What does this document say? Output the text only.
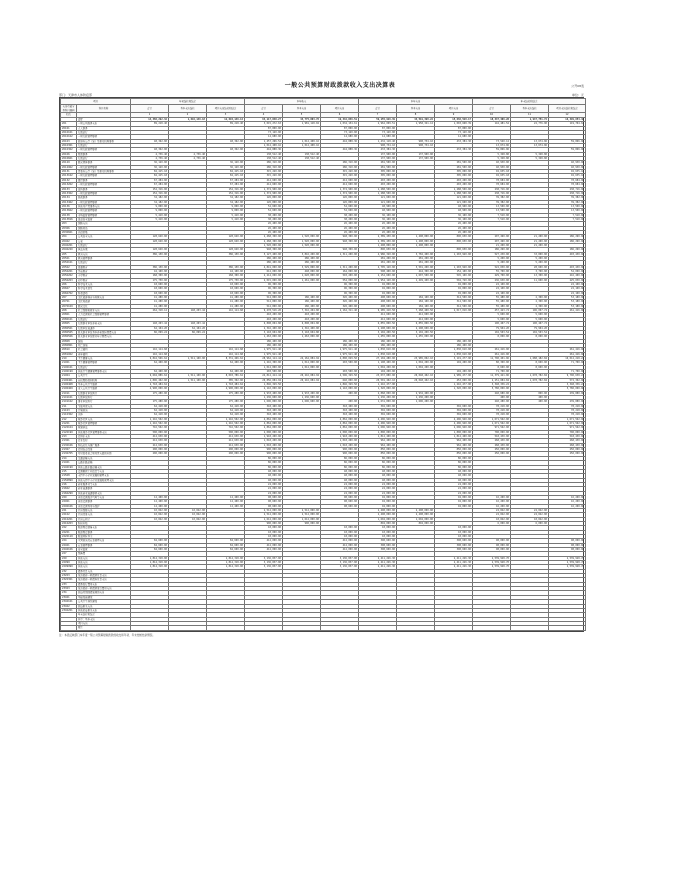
一般公共预算财政拨款收入支出决算表	公开08表
部门：天津市人体防疫部	单位：元
项目		年初结转和结余			本年收入			本年支出			年末结转和结余		
支出功能分类科目编码	科目名称	合计	基本支出结转	项目支出结转和结余	合计	基本支出	项目支出	合计	基本支出	项目支出	合计	基本支出结转	项目支出结转和结余
栏次		1	2	3	4	5	6	7	8	9	10	11	12
	合计	14,386,292.32	1,692,146.18	12,694,146.14	63,117,040.27	43,775,003.76	19,342,036.51	59,155,926.39	43,519,398.22	15,636,528.17	18,347,406.20	1,947,751.72	16,399,654.48
201	一般公共服务支出	89,218.40		89,218.40	3,015,272.63	1,981,118.02	1,034,154.61	2,962,009.51	1,958,341.12	1,003,668.39	142,481.52	22,776.90	119,704.62
20101	人大事务				87,800.00		87,800.00	87,800.00		87,800.00			
2010101	行政运行				73,120.00		73,120.00	73,120.00		73,120.00			
2010102	一般行政管理事务				14,680.00		14,680.00	14,680.00		14,680.00			
20103	政府办公厅（室）及相关机构事务	48,362.00		48,362.00	1,457,296.52	1,012,408.16	444,888.36	1,432,118.40	998,734.10	433,384.30	73,540.12	13,674.06	59,866.06
2010301	行政运行				1,012,408.16	1,012,408.16		998,734.10	998,734.10		13,674.06	13,674.06	
2010302	一般行政管理事务	48,362.00		48,362.00	444,888.36		444,888.36	433,384.30		433,384.30	59,866.06		59,866.06
20106	财政事务	4,736.40	4,736.40		138,512.40	138,512.40		137,900.00	137,900.00		5,348.80	5,348.80	
2010601	行政运行	4,736.40	4,736.40		138,512.40	138,512.40		137,900.00	137,900.00		5,348.80	5,348.80	
20129	群众团体事务	36,120.00		36,120.00	286,310.00		286,310.00	281,500.00		281,500.00	40,930.00		40,930.00
2012902	一般行政管理事务	36,120.00		36,120.00	286,310.00		286,310.00	281,500.00		281,500.00	40,930.00		40,930.00
20131	党委办公厅（室）及相关机构事务	82,415.18		82,415.18	315,220.00		315,220.00	305,000.00		305,000.00	92,635.18		92,635.18
2013102	一般行政管理事务	82,415.18		82,415.18	315,220.00		315,220.00	305,000.00		305,000.00	92,635.18		92,635.18
20132	组织事务	67,284.00		67,284.00	414,600.00		414,600.00	403,200.00		403,200.00	78,684.00		78,684.00
2013202	一般行政管理事务	67,284.00		67,284.00	414,600.00		414,600.00	403,200.00		403,200.00	78,684.00		78,684.00
20133	宣传事务	152,316.00		152,316.00	1,374,900.00		1,374,900.00	1,288,500.00		1,288,500.00	238,716.00		238,716.00
2013302	一般行政管理事务	152,316.00		152,316.00	1,374,900.00		1,374,900.00	1,288,500.00		1,288,500.00	238,716.00		238,716.00
20134	统战事务	34,182.00		34,182.00	126,800.00		126,800.00	121,600.00		121,600.00	39,382.00		39,382.00
2013402	一般行政管理事务	34,182.00		34,182.00	126,800.00		126,800.00	121,600.00		121,600.00	39,382.00		39,382.00
20136	其他共产党事务支出	9,800.00		9,800.00	52,600.00		52,600.00	48,900.00		48,900.00	13,500.00		13,500.00
2013602	一般行政管理事务	9,800.00		9,800.00	52,600.00		52,600.00	48,900.00		48,900.00	13,500.00		13,500.00
20138	市场监督管理事务	5,410.00		5,410.00	38,200.00		38,200.00	36,100.00		36,100.00	7,510.00		7,510.00
2013816	食品安全监管	5,410.00		5,410.00	38,200.00		38,200.00	36,100.00		36,100.00	7,510.00		7,510.00
203	国防支出				26,400.00		26,400.00	26,400.00		26,400.00			
20306	国防动员				26,400.00		26,400.00	26,400.00		26,400.00			
2030601	兵役征集				26,400.00		26,400.00	26,400.00		26,400.00			
204	公共安全支出	128,640.00		128,640.00	2,468,300.00	1,520,000.00	948,300.00	2,389,450.00	1,498,800.00	890,650.00	207,490.00	21,200.00	186,290.00
20402	公安	128,640.00		128,640.00	2,468,300.00	1,520,000.00	948,300.00	2,389,450.00	1,498,800.00	890,650.00	207,490.00	21,200.00	186,290.00
2040201	行政运行				1,520,000.00	1,520,000.00		1,498,800.00	1,498,800.00		21,200.00	21,200.00	
2040220	执法办案	128,640.00		128,640.00	948,300.00		948,300.00	890,650.00		890,650.00	186,290.00		186,290.00
205	教育支出	386,150.00		386,150.00	5,127,400.00	3,816,200.00	1,311,200.00	4,986,320.00	3,782,400.00	1,203,920.00	527,230.00	33,800.00	493,430.00
20501	教育管理事务				286,400.00	286,400.00		281,200.00	281,200.00		5,200.00	5,200.00	
2050101	行政运行				286,400.00	286,400.00		281,200.00	281,200.00		5,200.00	5,200.00	
20502	普通教育	386,150.00		386,150.00	4,841,000.00	3,529,800.00	1,311,200.00	4,705,120.00	3,501,200.00	1,203,920.00	522,030.00	28,600.00	493,430.00
2050201	学前教育	42,100.00		42,100.00	612,000.00	448,000.00	164,000.00	598,400.00	444,300.00	154,100.00	55,700.00	3,700.00	52,000.00
2050202	小学教育	168,300.00		168,300.00	2,214,000.00	1,620,800.00	593,200.00	2,152,600.00	1,607,500.00	545,100.00	229,700.00	13,300.00	216,400.00
2050203	初中教育	175,750.00		175,750.00	2,015,000.00	1,461,000.00	554,000.00	1,954,120.00	1,449,400.00	504,720.00	236,630.00	11,600.00	225,030.00
206	科学技术支出	18,600.00		18,600.00	96,300.00		96,300.00	92,800.00		92,800.00	22,100.00		22,100.00
20607	科学技术普及	18,600.00		18,600.00	96,300.00		96,300.00	92,800.00		92,800.00	22,100.00		22,100.00
2060702	科普活动	18,600.00		18,600.00	96,300.00		96,300.00	92,800.00		92,800.00	22,100.00		22,100.00
207	文化旅游体育与传媒支出	41,280.00		41,280.00	512,800.00	186,400.00	326,400.00	498,600.00	184,100.00	314,500.00	55,480.00	2,300.00	53,180.00
20701	文化和旅游	41,280.00		41,280.00	512,800.00	186,400.00	326,400.00	498,600.00	184,100.00	314,500.00	55,480.00	2,300.00	53,180.00
2070109	群众文化	41,280.00		41,280.00	512,800.00	186,400.00	326,400.00	498,600.00	184,100.00	314,500.00	55,480.00	2,300.00	53,180.00
208	社会保障和就业支出	264,318.12	148,203.44	116,114.68	9,478,516.20	7,316,204.80	2,162,311.40	9,285,410.58	7,268,400.50	2,017,010.08	457,423.74	196,007.74	261,416.00
20801	人力资源和社会保障管理事务				418,200.00	418,200.00		412,600.00	412,600.00		5,600.00	5,600.00	
2080101	行政运行				418,200.00	418,200.00		412,600.00	412,600.00		5,600.00	5,600.00	
20805	行政事业单位养老支出	148,203.44	148,203.44		6,898,004.80	6,898,004.80		6,855,800.50	6,855,800.50		190,407.74	190,407.74	
2080501	行政单位离退休	62,104.20	62,104.20		2,316,400.00	2,316,400.00		2,298,600.00	2,298,600.00		79,904.20	79,904.20	
2080505	机关事业单位基本养老保险缴费支出	86,099.24	86,099.24		3,118,604.80	3,118,604.80		3,102,200.50	3,102,200.50		102,503.54	102,503.54	
2080506	机关事业单位职业年金缴费支出				1,463,000.00	1,463,000.00		1,455,000.00	1,455,000.00		8,000.00	8,000.00	
20808	抚恤				186,400.00		186,400.00	186,400.00		186,400.00			
2080801	死亡抚恤				186,400.00		186,400.00	186,400.00		186,400.00			
20810	社会福利	116,114.68		116,114.68	1,975,911.40		1,975,911.40	1,830,610.08		1,830,610.08	261,416.00		261,416.00
2081002	老年福利	116,114.68		116,114.68	1,975,911.40		1,975,911.40	1,830,610.08		1,830,610.08	261,416.00		261,416.00
210	卫生健康支出	9,842,566.62	1,511,100.00	8,331,466.62	28,962,114.44	24,162,084.94	4,800,029.50	27,104,280.00	23,985,002.10	3,119,277.90	11,700,401.06	1,688,182.84	10,012,218.22
21001	卫生健康管理事务	62,400.00		62,400.00	1,216,300.00	1,012,800.00	203,500.00	1,198,400.00	1,004,200.00	194,200.00	80,300.00	8,600.00	71,700.00
2100101	行政运行				1,012,800.00	1,012,800.00		1,004,200.00	1,004,200.00		8,600.00	8,600.00	
2100199	其他卫生健康管理事务支出	62,400.00		62,400.00	203,500.00		203,500.00	194,200.00		194,200.00	71,700.00		71,700.00
21004	公共卫生	9,604,886.62	1,511,100.00	8,093,786.62	24,812,414.44	20,216,084.94	4,596,329.50	23,037,880.00	20,048,402.10	2,989,477.90	11,379,421.06	1,678,782.84	9,700,638.22
2100401	疾病预防控制机构	1,896,402.00	1,511,100.00	385,302.00	20,856,084.94	20,216,084.94	640,000.00	20,501,402.10	20,048,402.10	453,000.00	2,251,084.84	1,678,782.84	572,302.00
2100408	基本公共卫生服务	2,718,484.62		2,718,484.62	1,846,329.50		1,846,329.50	1,216,477.90		1,216,477.90	3,348,336.22		3,348,336.22
2100409	重大公共卫生服务	4,990,000.00		4,990,000.00	2,110,000.00		2,110,000.00	1,320,000.00		1,320,000.00	5,780,000.00		5,780,000.00
21011	行政事业单位医疗	175,280.00		175,280.00	2,933,400.00	2,933,200.00	200.00	2,868,000.00	2,932,400.00		240,680.00	800.00	239,880.00
2101101	行政单位医疗				1,236,600.00	1,236,600.00		1,236,200.00	1,236,200.00		400.00	400.00	
2101102	事业单位医疗	175,280.00		175,280.00	1,696,800.00	1,696,600.00	200.00	1,631,800.00	1,696,200.00		240,280.00	400.00	239,880.00
211	节能环保支出	62,418.00		62,418.00	318,400.00		318,400.00	302,600.00		302,600.00	78,218.00		78,218.00
21103	污染防治	62,418.00		62,418.00	318,400.00		318,400.00	302,600.00		302,600.00	78,218.00		78,218.00
2110302	水体	62,418.00		62,418.00	318,400.00		318,400.00	302,600.00		302,600.00	78,218.00		78,218.00
212	城乡社区支出	1,216,502.00		1,216,502.00	4,862,000.00		4,862,000.00	4,406,940.00		4,406,940.00	1,671,562.00		1,671,562.00
21201	城乡社区管理事务	1,216,502.00		1,216,502.00	4,862,000.00		4,862,000.00	4,406,940.00		4,406,940.00	1,671,562.00		1,671,562.00
2120104	城管执法	716,502.00		716,502.00	2,862,000.00		2,862,000.00	2,606,940.00		2,606,940.00	971,562.00		971,562.00
2120199	其他城乡社区管理事务支出	500,000.00		500,000.00	2,000,000.00		2,000,000.00	1,800,000.00		1,800,000.00	700,000.00		700,000.00
213	农林水支出	412,630.00		412,630.00	1,918,200.00		1,918,200.00	1,812,400.00		1,812,400.00	518,430.00		518,430.00
21301	农业农村	212,630.00		212,630.00	1,018,200.00		1,018,200.00	962,400.00		962,400.00	268,430.00		268,430.00
2130106	科技转化与推广服务	212,630.00		212,630.00	1,018,200.00		1,018,200.00	962,400.00		962,400.00	268,430.00		268,430.00
21307	农村综合改革	200,000.00		200,000.00	900,000.00		900,000.00	850,000.00		850,000.00	250,000.00		250,000.00
2130705	对村民委员会和村党支部的补助	200,000.00		200,000.00	900,000.00		900,000.00	850,000.00		850,000.00	250,000.00		250,000.00
214	交通运输支出				86,000.00		86,000.00	86,000.00		86,000.00			
21401	公路水路运输				86,000.00		86,000.00	86,000.00		86,000.00			
2140199	其他公路水路运输支出				86,000.00		86,000.00	86,000.00		86,000.00			
215	资源勘探工业信息等支出				48,000.00		48,000.00	48,000.00		48,000.00			
21508	支持中小企业发展和管理支出				48,000.00		48,000.00	48,000.00		48,000.00			
2150899	其他支持中小企业发展和管理支出				48,000.00		48,000.00	48,000.00		48,000.00			
216	商业服务业等支出				24,000.00		24,000.00	24,000.00		24,000.00			
21602	商业流通事务				24,000.00		24,000.00	24,000.00		24,000.00			
2160299	其他商业流通事务支出				24,000.00		24,000.00	24,000.00		24,000.00			
220	自然资源海洋气象等支出	12,400.00		12,400.00	98,600.00		98,600.00	94,800.00		94,800.00	16,200.00		16,200.00
22001	自然资源事务	12,400.00		12,400.00	98,600.00		98,600.00	94,800.00		94,800.00	16,200.00		16,200.00
2200106	自然资源利用与保护	12,400.00		12,400.00	98,600.00		98,600.00	94,800.00		94,800.00	16,200.00		16,200.00
221	住房保障支出	10,842.00	10,842.00		2,512,000.00	2,512,000.00		2,498,000.00	2,498,000.00		24,842.00	24,842.00	
22102	住房改革支出	10,842.00	10,842.00		2,512,000.00	2,512,000.00		2,498,000.00	2,498,000.00		24,842.00	24,842.00	
2210201	住房公积金	10,842.00	10,842.00		1,612,000.00	1,612,000.00		1,604,000.00	1,604,000.00		18,842.00	18,842.00	
2210203	购房补贴				900,000.00	900,000.00		894,000.00	894,000.00		6,000.00	6,000.00	
222	粮油物资储备支出				18,000.00		18,000.00	18,000.00		18,000.00			
22201	粮油物资事务				18,000.00		18,000.00	18,000.00		18,000.00			
2220119	粮食风险基金				18,000.00		18,000.00	18,000.00		18,000.00			
224	灾害防治及应急管理支出	84,600.00		84,600.00	412,000.00		412,000.00	398,600.00		398,600.00	98,000.00		98,000.00
22401	应急管理事务	84,600.00		84,600.00	412,000.00		412,000.00	398,600.00		398,600.00	98,000.00		98,000.00
2240106	安全监管	84,600.00		84,600.00	412,000.00		412,000.00	398,600.00		398,600.00	98,000.00		98,000.00
227	预备费												
229	其他支出	1,814,318.00		1,814,318.00	3,136,837.00		3,136,837.00	2,411,226.30		2,411,226.30	2,539,928.70		2,539,928.70
22999	其他支出	1,814,318.00		1,814,318.00	3,136,837.00		3,136,837.00	2,411,226.30		2,411,226.30	2,539,928.70		2,539,928.70
2299999	其他支出	1,814,318.00		1,814,318.00	3,136,837.00		3,136,837.00	2,411,226.30		2,411,226.30	2,539,928.70		2,539,928.70
232	债务付息支出												
23203	地方政府一般债务付息支出												
2320301	地方政府一般债券付息支出												
233	债务发行费用支出												
23303	地方政府一般债务发行费用支出												
234	抗疫特别国债安排的支出												
23401	基础设施建设												
2340101	公共卫生体系建设												
23402	抗疫相关支出												
2340201	其他抗疫相关支出												
	年末结转和结余												
	其中：基本支出												
	项目支出												
	附注												
注：本表反映部门本年度一般公共预算财政拨款的收支和年初、年末结转结余情况。
